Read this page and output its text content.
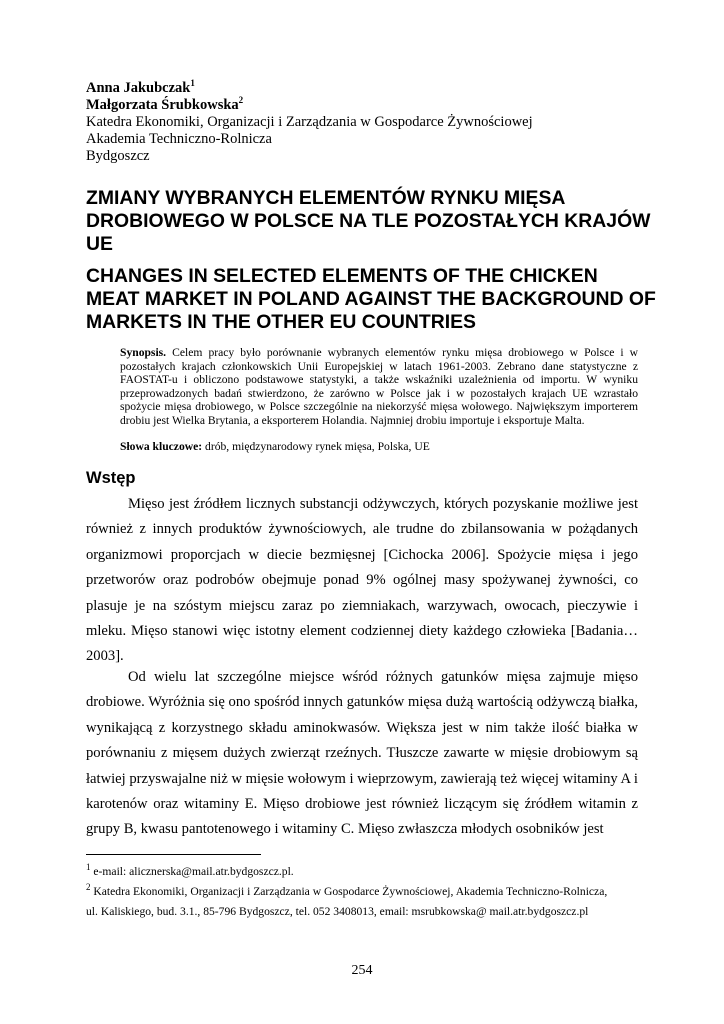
Anna Jakubczak$^1$
Małgorzata Śrubkowska$^2$
Katedra Ekonomiki, Organizacji i Zarządzania w Gospodarce Żywnościowej
Akademia Techniczno-Rolnicza
Bydgoszcz
ZMIANY WYBRANYCH ELEMENTÓW RYNKU MIĘSA DROBIOWEGO W POLSCE NA TLE POZOSTAŁYCH KRAJÓW UE
CHANGES IN SELECTED ELEMENTS OF THE CHICKEN MEAT MARKET IN POLAND AGAINST THE BACKGROUND OF MARKETS IN THE OTHER EU COUNTRIES

Synopsis. Celem pracy było porównanie wybranych elementów rynku mięsa drobiowego w Polsce i w pozostałych krajach członkowskich Unii Europejskiej w latach 1961-2003. Zebrano dane statystyczne z FAOSTAT-u i obliczono podstawowe statystyki, a także wskaźniki uzależnienia od importu. W wyniku przeprowadzonych badań stwierdzono, że zarówno w Polsce jak i w pozostałych krajach UE wzrastało spożycie mięsa drobiowego, w Polsce szczególnie na niekorzyść mięsa wołowego. Największym importerem drobiu jest Wielka Brytania, a eksporterem Holandia. Najmniej drobiu importuje i eksportuje Malta.

Słowa kluczowe: drób, międzynarodowy rynek mięsa, Polska, UE

Wstęp

Mięso jest źródłem licznych substancji odżywczych, których pozyskanie możliwe jest również z innych produktów żywnościowych, ale trudne do zbilansowania w pożądanych organizmowi proporcjach w diecie bezmięsnej [Cichocka 2006]. Spożycie mięsa i jego przetworów oraz podrobów obejmuje ponad 9% ogólnej masy spożywanej żywności, co plasuje je na szóstym miejscu zaraz po ziemniakach, warzywach, owocach, pieczywie i mleku. Mięso stanowi więc istotny element codziennej diety każdego człowieka [Badania… 2003].

Od wielu lat szczególne miejsce wśród różnych gatunków mięsa zajmuje mięso drobiowe. Wyróżnia się ono spośród innych gatunków mięsa dużą wartością odżywczą białka, wynikającą z korzystnego składu aminokwasów. Większa jest w nim także ilość białka w porównaniu z mięsem dużych zwierząt rzeźnych. Tłuszcze zawarte w mięsie drobiowym są łatwiej przyswajalne niż w mięsie wołowym i wieprzowym, zawierają też więcej witaminy A i karotenów oraz witaminy E. Mięso drobiowe jest również liczącym się źródłem witamin z grupy B, kwasu pantotenowego i witaminy C. Mięso zwłaszcza młodych osobników jest

$^1$ e-mail: alicznerska@mail.atr.bydgoszcz.pl.
$^2$ Katedra Ekonomiki, Organizacji i Zarządzania w Gospodarce Żywnościowej, Akademia Techniczno-Rolnicza,
ul. Kaliskiego, bud. 3.1., 85-796 Bydgoszcz, tel. 052 3408013, email: msrubkowska@ mail.atr.bydgoszcz.pl
254
